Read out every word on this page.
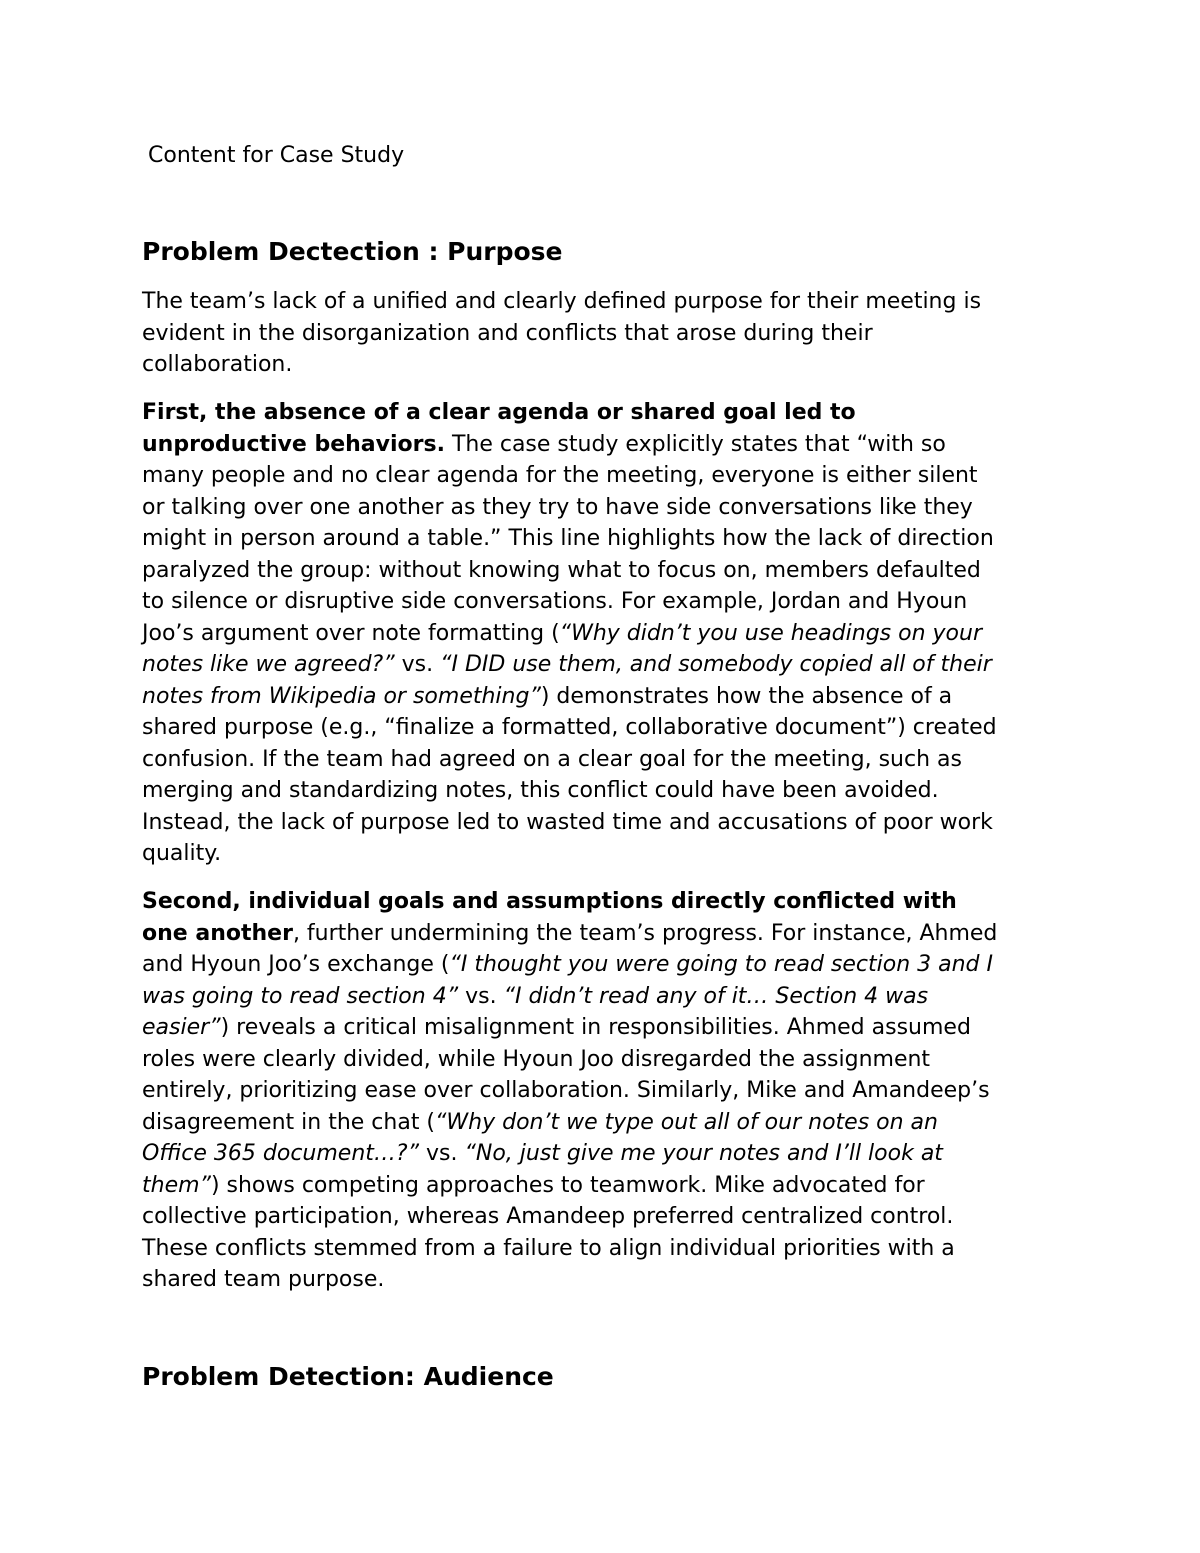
Content for Case Study
Problem Dectection : Purpose

The team’s lack of a unified and clearly defined purpose for their meeting is
evident in the disorganization and conflicts that arose during their
collaboration.

First, the absence of a clear agenda or shared goal led to
unproductive behaviors. The case study explicitly states that “with so
many people and no clear agenda for the meeting, everyone is either silent
or talking over one another as they try to have side conversations like they
might in person around a table.” This line highlights how the lack of direction
paralyzed the group: without knowing what to focus on, members defaulted
to silence or disruptive side conversations. For example, Jordan and Hyoun
Joo’s argument over note formatting (“Why didn’t you use headings on your
notes like we agreed?” vs. “I DID use them, and somebody copied all of their
notes from Wikipedia or something”) demonstrates how the absence of a
shared purpose (e.g., “finalize a formatted, collaborative document”) created
confusion. If the team had agreed on a clear goal for the meeting, such as
merging and standardizing notes, this conflict could have been avoided.
Instead, the lack of purpose led to wasted time and accusations of poor work
quality.

Second, individual goals and assumptions directly conflicted with
one another, further undermining the team’s progress. For instance, Ahmed
and Hyoun Joo’s exchange (“I thought you were going to read section 3 and I
was going to read section 4” vs. “I didn’t read any of it… Section 4 was
easier”) reveals a critical misalignment in responsibilities. Ahmed assumed
roles were clearly divided, while Hyoun Joo disregarded the assignment
entirely, prioritizing ease over collaboration. Similarly, Mike and Amandeep’s
disagreement in the chat (“Why don’t we type out all of our notes on an
Office 365 document…?” vs. “No, just give me your notes and I’ll look at
them”) shows competing approaches to teamwork. Mike advocated for
collective participation, whereas Amandeep preferred centralized control.
These conflicts stemmed from a failure to align individual priorities with a
shared team purpose.

Problem Detection: Audience
